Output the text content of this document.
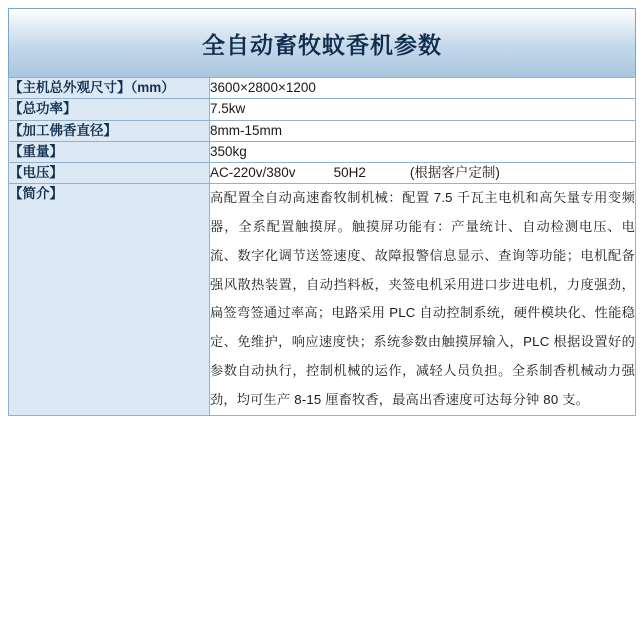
全自动畜牧蚊香机参数
【主机总外观尺寸】（mm）	3600×2800×1200
【总功率】	7.5kw
【加工佛香直径】	8mm-15mm
【重量】	350kg
【电压】	AC-220v/380v 50H2 (根据客户定制)
【简介】	高配置全自动高速畜牧制机械：配置 7.5 千瓦主电机和高矢量专用变频器，全系配置触摸屏。触摸屏功能有：产量统计、自动检测电压、电流、数字化调节送签速度、故障报警信息显示、查询等功能；电机配备强风散热装置，自动挡料板，夹签电机采用进口步进电机，力度强劲，扁签弯签通过率高；电路采用 PLC 自动控制系统，硬件模块化、性能稳定、免维护，响应速度快；系统参数由触摸屏输入，PLC 根据设置好的参数自动执行，控制机械的运作，减轻人员负担。全系制香机械动力强劲，均可生产 8-15 厘畜牧香，最高出香速度可达每分钟 80 支。
